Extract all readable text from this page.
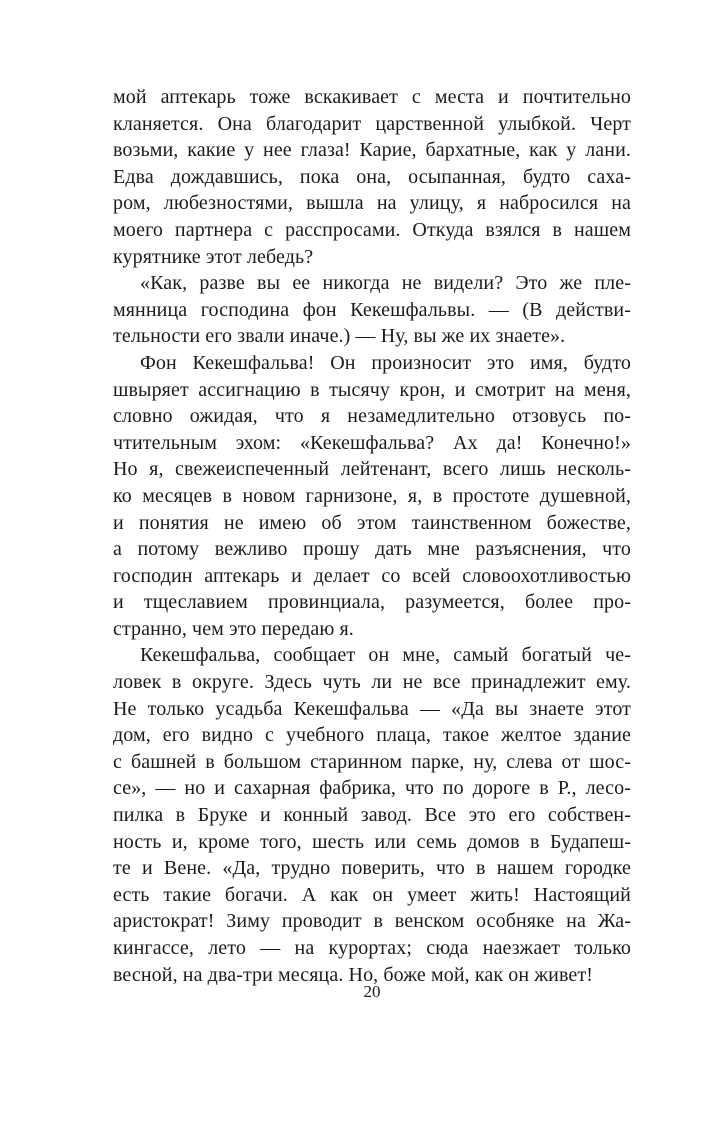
мой аптекарь тоже вскакивает с места и почтительно
кланяется. Она благодарит царственной улыбкой. Черт
возьми, какие у нее глаза! Карие, бархатные, как у лани.
Едва дождавшись, пока она, осыпанная, будто саха-
ром, любезностями, вышла на улицу, я набросился на
моего партнера с расспросами. Откуда взялся в нашем
курятнике этот лебедь?
«Как, разве вы ее никогда не видели? Это же пле-
мянница господина фон Кекешфальвы. — (В действи-
тельности его звали иначе.) — Ну, вы же их знаете».
Фон Кекешфальва! Он произносит это имя, будто
швыряет ассигнацию в тысячу крон, и смотрит на меня,
словно ожидая, что я незамедлительно отзовусь по-
чтительным эхом: «Кекешфальва? Ах да! Конечно!»
Но я, свежеиспеченный лейтенант, всего лишь несколь-
ко месяцев в новом гарнизоне, я, в простоте душевной,
и понятия не имею об этом таинственном божестве,
а потому вежливо прошу дать мне разъяснения, что
господин аптекарь и делает со всей словоохотливостью
и тщеславием провинциала, разумеется, более про-
странно, чем это передаю я.
Кекешфальва, сообщает он мне, самый богатый че-
ловек в округе. Здесь чуть ли не все принадлежит ему.
Не только усадьба Кекешфальва — «Да вы знаете этот
дом, его видно с учебного плаца, такое желтое здание
с башней в большом старинном парке, ну, слева от шос-
се», — но и сахарная фабрика, что по дороге в Р., лесо-
пилка в Бруке и конный завод. Все это его собствен-
ность и, кроме того, шесть или семь домов в Будапеш-
те и Вене. «Да, трудно поверить, что в нашем городке
есть такие богачи. А как он умеет жить! Настоящий
аристократ! Зиму проводит в венском особняке на Жа-
кингассе, лето — на курортах; сюда наезжает только
весной, на два-три месяца. Но, боже мой, как он живет!
20
